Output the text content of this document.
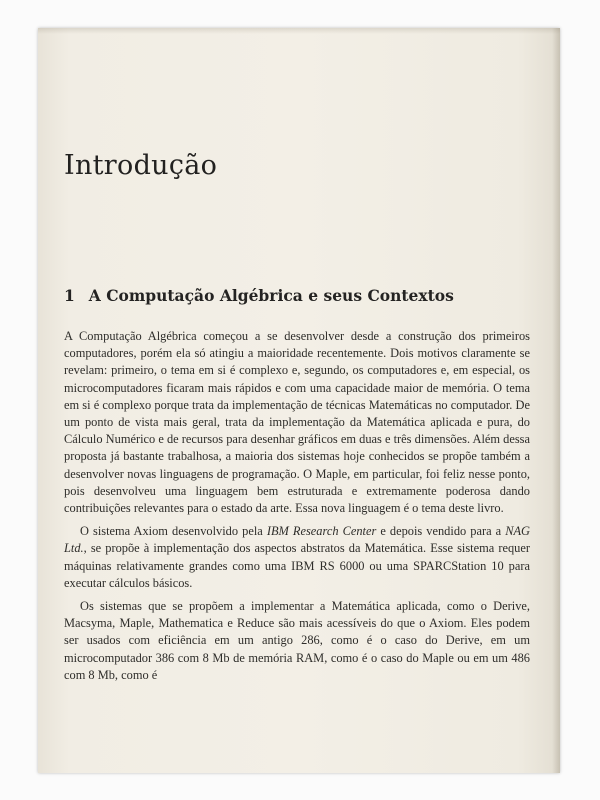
Introdução
1 A Computação Algébrica e seus Contextos

A Computação Algébrica começou a se desenvolver desde a construção dos primeiros computadores, porém ela só atingiu a maioridade recentemente. Dois motivos claramente se revelam: primeiro, o tema em si é complexo e, segundo, os computadores e, em especial, os microcomputadores ficaram mais rápidos e com uma capacidade maior de memória. O tema em si é complexo porque trata da implementação de técnicas Matemáticas no computador. De um ponto de vista mais geral, trata da implementação da Matemática aplicada e pura, do Cálculo Numérico e de recursos para desenhar gráficos em duas e três dimensões. Além dessa proposta já bastante trabalhosa, a maioria dos sistemas hoje conhecidos se propõe também a desenvolver novas linguagens de programação. O Maple, em particular, foi feliz nesse ponto, pois desenvolveu uma linguagem bem estruturada e extremamente poderosa dando contribuições relevantes para o estado da arte. Essa nova linguagem é o tema deste livro.

O sistema Axiom desenvolvido pela IBM Research Center e depois vendido para a NAG Ltd., se propõe à implementação dos aspectos abstratos da Matemática. Esse sistema requer máquinas relativamente grandes como uma IBM RS 6000 ou uma SPARCStation 10 para executar cálculos básicos.

Os sistemas que se propõem a implementar a Matemática aplicada, como o Derive, Macsyma, Maple, Mathematica e Reduce são mais acessíveis do que o Axiom. Eles podem ser usados com eficiência em um antigo 286, como é o caso do Derive, em um microcomputador 386 com 8 Mb de memória RAM, como é o caso do Maple ou em um 486 com 8 Mb, como é
